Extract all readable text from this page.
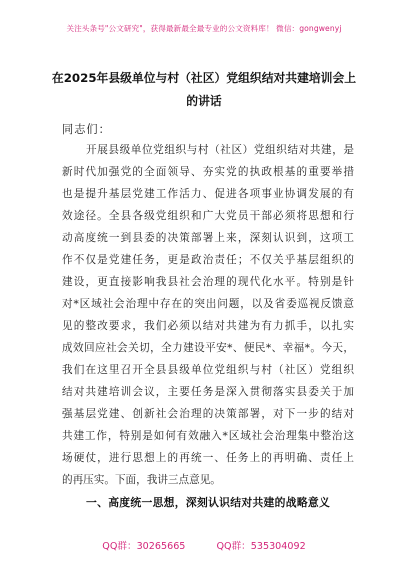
关注头条号"公文研究"，获得最新最全最专业的公文资料库！ 微信：gongwenyj
在2025年县级单位与村（社区）党组织结对共建培训会上
的讲话
同志们：
开展县级单位党组织与村（社区）党组织结对共建，是
新时代加强党的全面领导、夯实党的执政根基的重要举措
也是提升基层党建工作活力、促进各项事业协调发展的有
效途径。全县各级党组织和广大党员干部必须将思想和行
动高度统一到县委的决策部署上来，深刻认识到，这项工
作不仅是党建任务，更是政治责任；不仅关乎基层组织的
建设，更直接影响我县社会治理的现代化水平。特别是针
对*区域社会治理中存在的突出问题，以及省委巡视反馈意
见的整改要求，我们必须以结对共建为有力抓手，以扎实
成效回应社会关切，全力建设平安*、便民*、幸福*。今天，
我们在这里召开全县县级单位党组织与村（社区）党组织
结对共建培训会议，主要任务是深入贯彻落实县委关于加
强基层党建、创新社会治理的决策部署，对下一步的结对
共建工作，特别是如何有效融入*区域社会治理集中整治这
场硬仗，进行思想上的再统一、任务上的再明确、责任上
的再压实。下面，我讲三点意见。
一、高度统一思想，深刻认识结对共建的战略意义
QQ群：30265665	QQ群：535304092
